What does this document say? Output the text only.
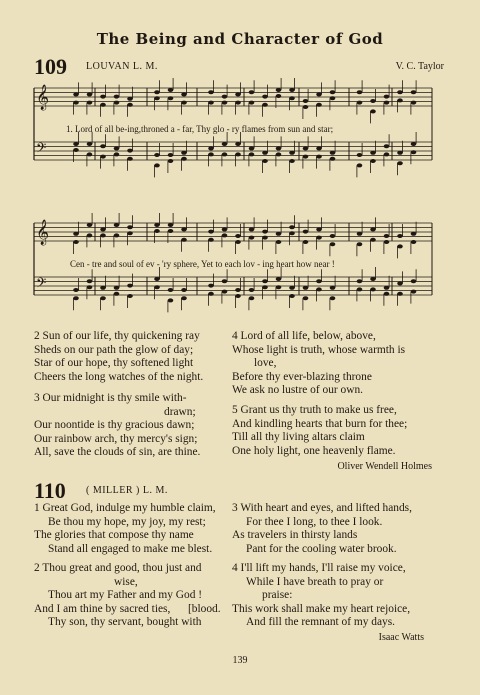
The Being and Character of God
109 LOUVAN L. M.	V. C. Taylor
𝄞
𝄢
𝄞
𝄢
1. Lord of all be-ing,throned a - far, Thy glo - ry flames from sun and star;
Cen - tre and soul of ev - 'ry sphere, Yet to each lov - ing heart how near !
2 Sun of our life, thy quickening ray
Sheds on our path the glow of day;
Star of our hope, thy softened light
Cheers the long watches of the night.
3 Our midnight is thy smile with-
drawn;
Our noontide is thy gracious dawn;
Our rainbow arch, thy mercy's sign;
All, save the clouds of sin, are thine.
4 Lord of all life, below, above,
Whose light is truth, whose warmth is
love,
Before thy ever-blazing throne
We ask no lustre of our own.
5 Grant us thy truth to make us free,
And kindling hearts that burn for thee;
Till all thy living altars claim
One holy light, one heavenly flame.
Oliver Wendell Holmes
110 ( MILLER ) L. M.
1 Great God, indulge my humble claim,
Be thou my hope, my joy, my rest;
The glories that compose thy name
Stand all engaged to make me blest.
2 Thou great and good, thou just and
wise,
Thou art my Father and my God !
And I am thine by sacred ties,
Thy son, thy servant, bought with
[blood.
3 With heart and eyes, and lifted hands,
For thee I long, to thee I look.
As travelers in thirsty lands
Pant for the cooling water brook.
4 I'll lift my hands, I'll raise my voice,
While I have breath to pray or
praise:
This work shall make my heart rejoice,
And fill the remnant of my days.
Isaac Watts
139
